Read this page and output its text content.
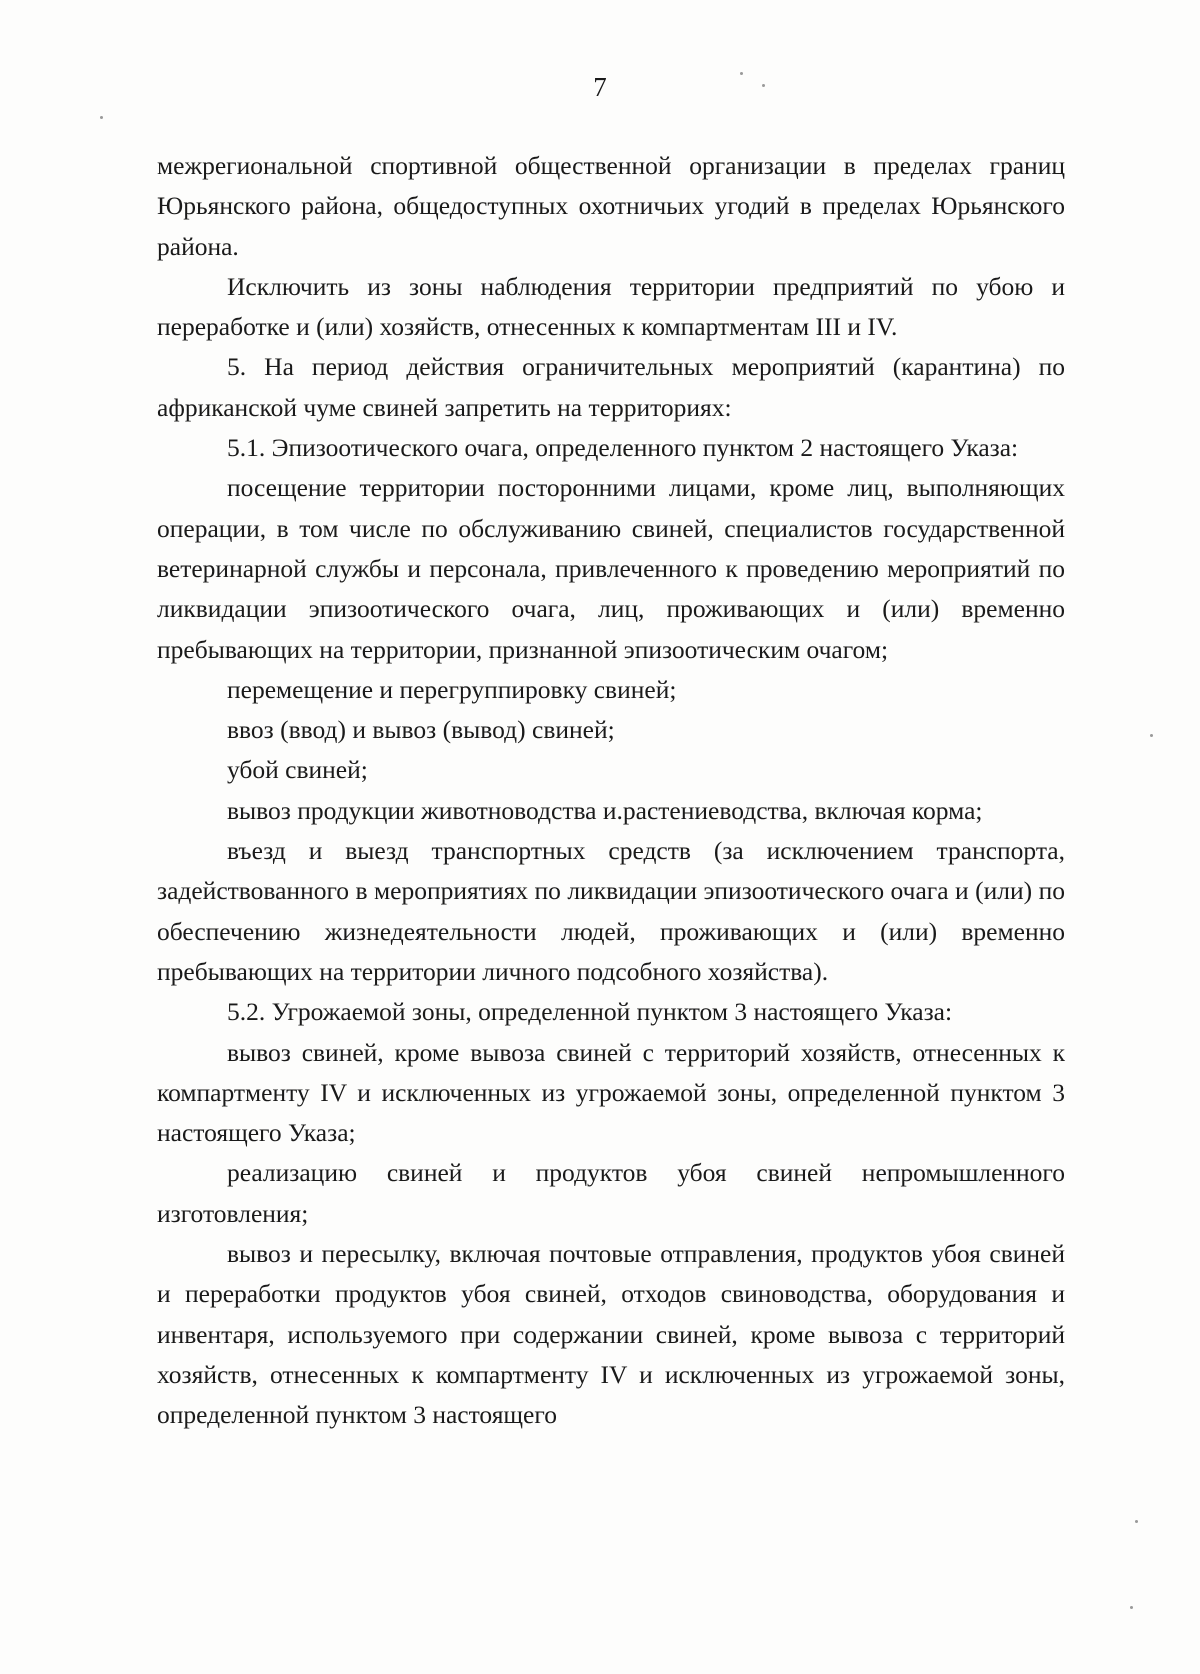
7

межрегиональной спортивной общественной организации в пределах границ Юрьянского района, общедоступных охотничьих угодий в пределах Юрьянского района.

Исключить из зоны наблюдения территории предприятий по убою и переработке и (или) хозяйств, отнесенных к компартментам III и IV.

5. На период действия ограничительных мероприятий (карантина) по африканской чуме свиней запретить на территориях:

5.1. Эпизоотического очага, определенного пунктом 2 настоящего Указа:

посещение территории посторонними лицами, кроме лиц, выполняющих операции, в том числе по обслуживанию свиней, специалистов государственной ветеринарной службы и персонала, привлеченного к проведению мероприятий по ликвидации эпизоотического очага, лиц, проживающих и (или) временно пребывающих на территории, признанной эпизоотическим очагом;

перемещение и перегруппировку свиней;

ввоз (ввод) и вывоз (вывод) свиней;

убой свиней;

вывоз продукции животноводства и.растениеводства, включая корма;

въезд и выезд транспортных средств (за исключением транспорта, задействованного в мероприятиях по ликвидации эпизоотического очага и (или) по обеспечению жизнедеятельности людей, проживающих и (или) временно пребывающих на территории личного подсобного хозяйства).

5.2. Угрожаемой зоны, определенной пунктом 3 настоящего Указа:

вывоз свиней, кроме вывоза свиней с территорий хозяйств, отнесенных к компартменту IV и исключенных из угрожаемой зоны, определенной пунктом 3 настоящего Указа;

реализацию свиней и продуктов убоя свиней непромышленного изготовления;

вывоз и пересылку, включая почтовые отправления, продуктов убоя свиней и переработки продуктов убоя свиней, отходов свиноводства, оборудования и инвентаря, используемого при содержании свиней, кроме вывоза с территорий хозяйств, отнесенных к компартменту IV и исключенных из угрожаемой зоны, определенной пунктом 3 настоящего
